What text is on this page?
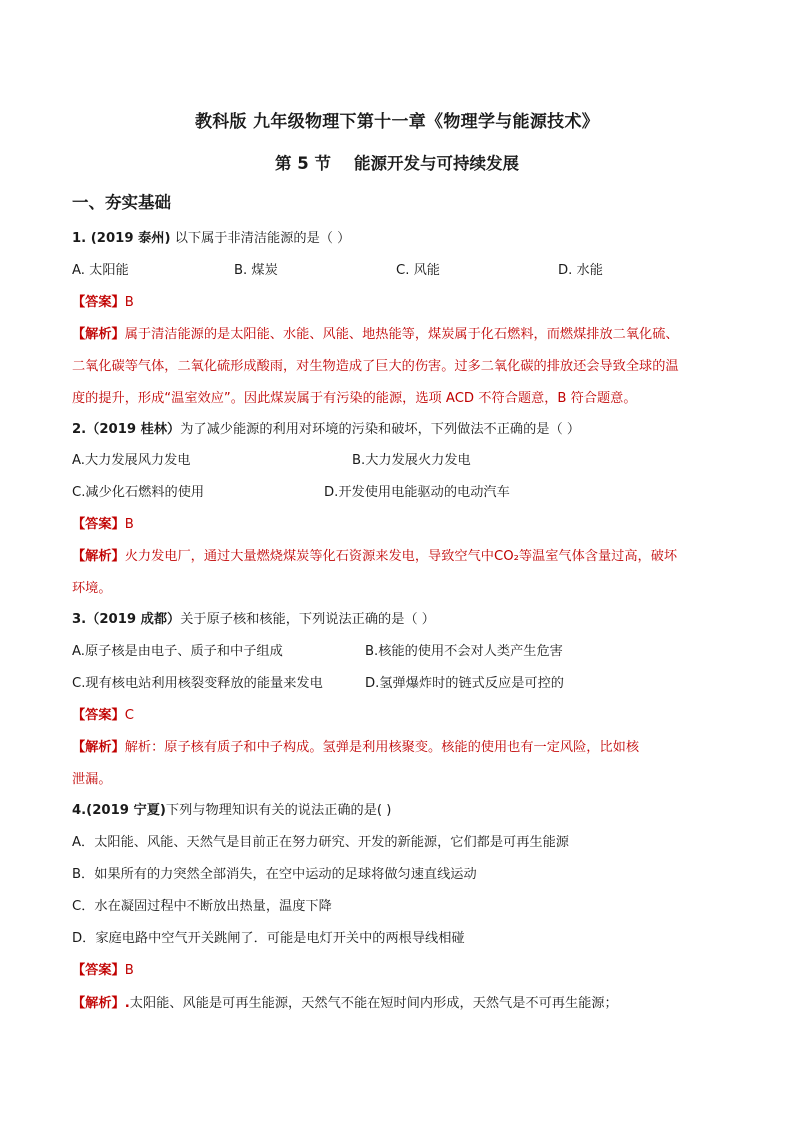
教科版 九年级物理下第十一章《物理学与能源技术》
第 5 节    能源开发与可持续发展
一、夯实基础
1. (2019 泰州) 以下属于非清洁能源的是（ ）
A. 太阳能	B. 煤炭	C. 风能	D. 水能
【答案】B
【解析】属于清洁能源的是太阳能、水能、风能、地热能等，煤炭属于化石燃料，而燃煤排放二氧化硫、
二氧化碳等气体，二氧化硫形成酸雨，对生物造成了巨大的伤害。过多二氧化碳的排放还会导致全球的温
度的提升，形成“温室效应”。因此煤炭属于有污染的能源，选项 ACD 不符合题意，B 符合题意。
2.（2019 桂林）为了减少能源的利用对环境的污染和破坏，下列做法不正确的是（ ）
A.大力发展风力发电	B.大力发展火力发电
C.减少化石燃料的使用	D.开发使用电能驱动的电动汽车
【答案】B
【解析】火力发电厂，通过大量燃烧煤炭等化石资源来发电，导致空气中CO₂等温室气体含量过高，破坏
环境。
3.（2019 成都）关于原子核和核能，下列说法正确的是（ ）
A.原子核是由电子、质子和中子组成	B.核能的使用不会对人类产生危害
C.现有核电站利用核裂变释放的能量来发电	D.氢弹爆炸时的链式反应是可控的
【答案】C
【解析】解析：原子核有质子和中子构成。氢弹是利用核聚变。核能的使用也有一定风险，比如核
泄漏。
4.(2019 宁夏)下列与物理知识有关的说法正确的是( )
A．太阳能、风能、天然气是目前正在努力研究、开发的新能源，它们都是可再生能源
B．如果所有的力突然全部消失，在空中运动的足球将做匀速直线运动
C．水在凝固过程中不断放出热量，温度下降
D．家庭电路中空气开关跳闸了．可能是电灯开关中的两根导线相碰
【答案】B
【解析】.太阳能、风能是可再生能源，天然气不能在短时间内形成，天然气是不可再生能源；
